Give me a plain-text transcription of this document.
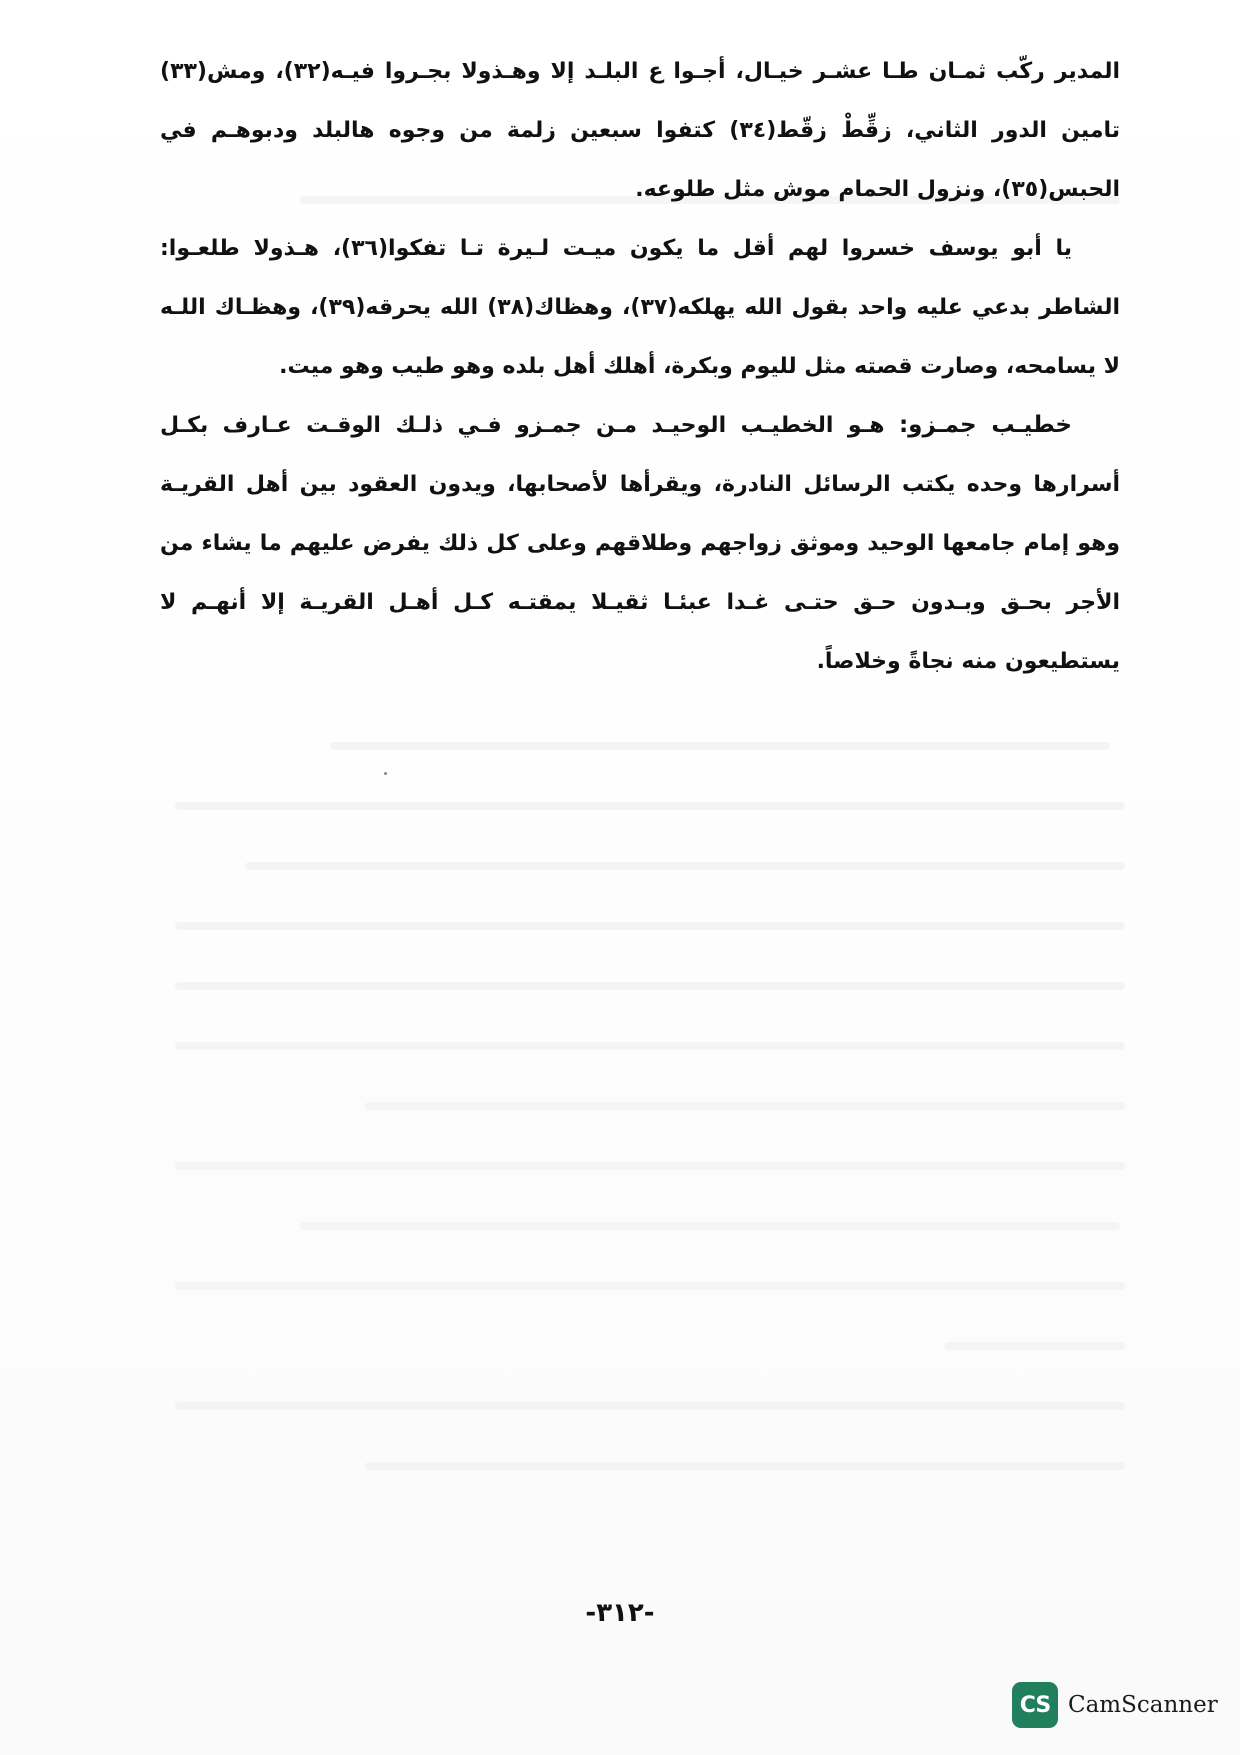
المدير ركّب ثمـان طـا عشـر خيـال، أجـوا ع البلـد إلا وهـذولا بجـروا فيـه(٣٢)، ومش(٣٣) تامين الدور الثاني، زقِّطْ زقّط(٣٤) كتفوا سبعين زلمة من وجوه هالبلد ودبوهـم في الحبس(٣٥)، ونزول الحمام موش مثل طلوعه.

يا أبو يوسف خسروا لهم أقل ما يكون ميـت لـيرة تـا تفكوا(٣٦)، هـذولا طلعـوا: الشاطر بدعي عليه واحد بقول الله يهلكه(٣٧)، وهظاك(٣٨) الله يحرقه(٣٩)، وهظـاك اللـه لا يسامحه، وصارت قصته مثل لليوم وبكرة، أهلك أهل بلده وهو طيب وهو ميت.

خطيـب جمـزو: هـو الخطيـب الوحيـد مـن جمـزو فـي ذلـك الوقـت عـارف بكـل أسرارها وحده يكتب الرسائل النادرة، ويقرأها لأصحابها، ويدون العقود بين أهل القريـة وهو إمام جامعها الوحيد وموثق زواجهم وطلاقهم وعلى كل ذلك يفرض عليهم ما يشاء من الأجر بحـق وبـدون حـق حتـى غـدا عبئـا ثقيـلا يمقتـه كـل أهـل القريـة إلا أنهـم لا يستطيعون منه نجاةً وخلاصاً.

-٣١٢-
CS CamScanner
